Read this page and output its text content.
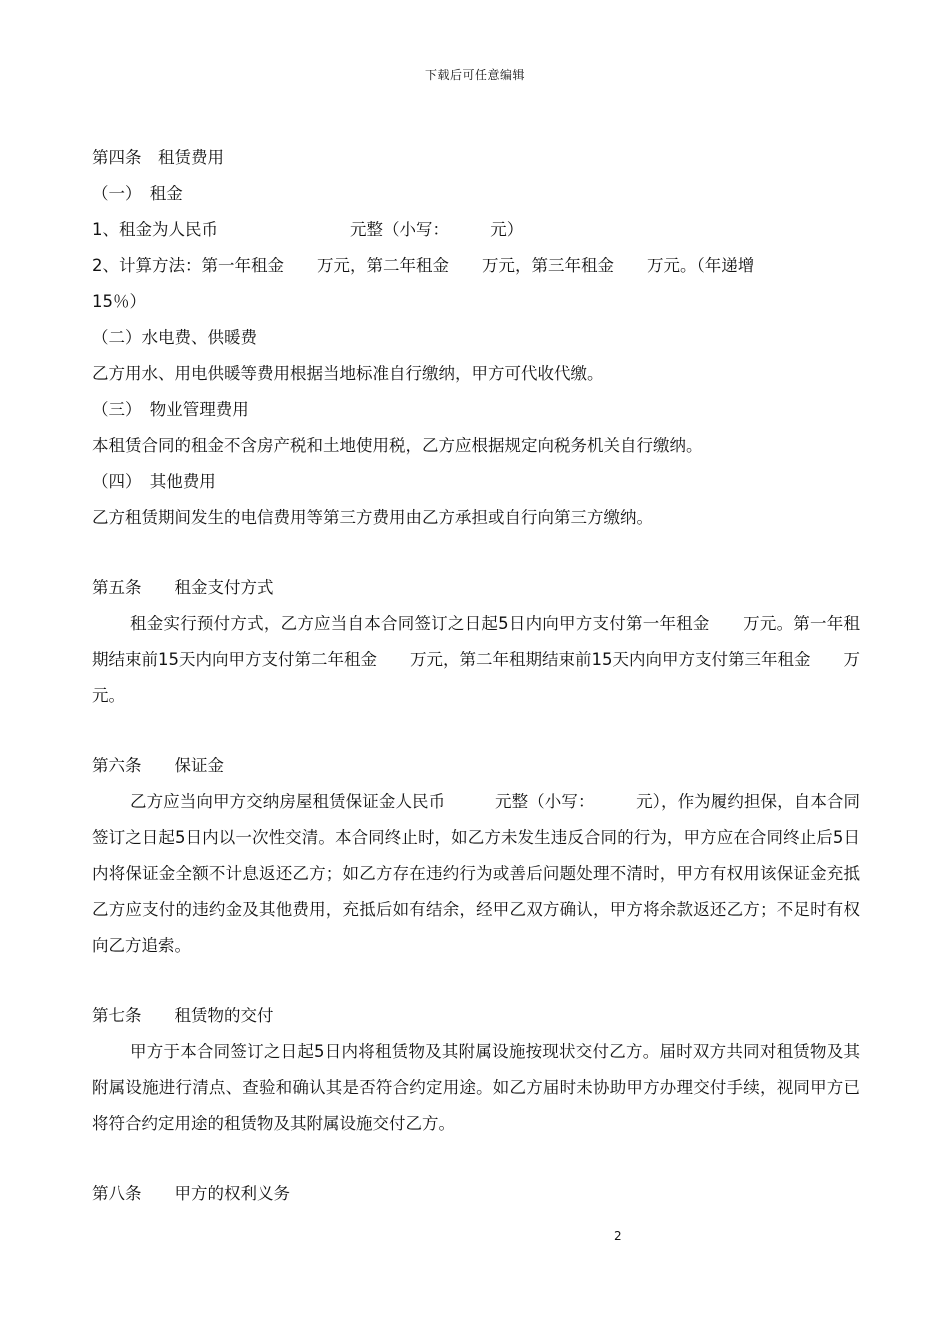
下载后可任意编辑

第四条　租赁费用

（一）　租金

1、租金为人民币　　　　　　　　元整（小写：　　　元）

2、计算方法：第一年租金　　万元，第二年租金　　万元，第三年租金　　万元。（年递增

15％）

（二）水电费、供暖费

乙方用水、用电供暖等费用根据当地标准自行缴纳，甲方可代收代缴。

（三）　物业管理费用

本租赁合同的租金不含房产税和土地使用税，乙方应根据规定向税务机关自行缴纳。

（四）　其他费用

乙方租赁期间发生的电信费用等第三方费用由乙方承担或自行向第三方缴纳。

第五条　　租金支付方式

租金实行预付方式，乙方应当自本合同签订之日起5日内向甲方支付第一年租金　　万元。第一年租期结束前15天内向甲方支付第二年租金　　万元，第二年租期结束前15天内向甲方支付第三年租金　　万元。

第六条　　保证金

乙方应当向甲方交纳房屋租赁保证金人民币　　　元整（小写：　　　元），作为履约担保，自本合同签订之日起5日内以一次性交清。本合同终止时，如乙方未发生违反合同的行为，甲方应在合同终止后5日内将保证金全额不计息返还乙方；如乙方存在违约行为或善后问题处理不清时，甲方有权用该保证金充抵乙方应支付的违约金及其他费用，充抵后如有结余，经甲乙双方确认，甲方将余款返还乙方；不足时有权向乙方追索。

第七条　　租赁物的交付

甲方于本合同签订之日起5日内将租赁物及其附属设施按现状交付乙方。届时双方共同对租赁物及其附属设施进行清点、查验和确认其是否符合约定用途。如乙方届时未协助甲方办理交付手续，视同甲方已将符合约定用途的租赁物及其附属设施交付乙方。

第八条　　甲方的权利义务

2
